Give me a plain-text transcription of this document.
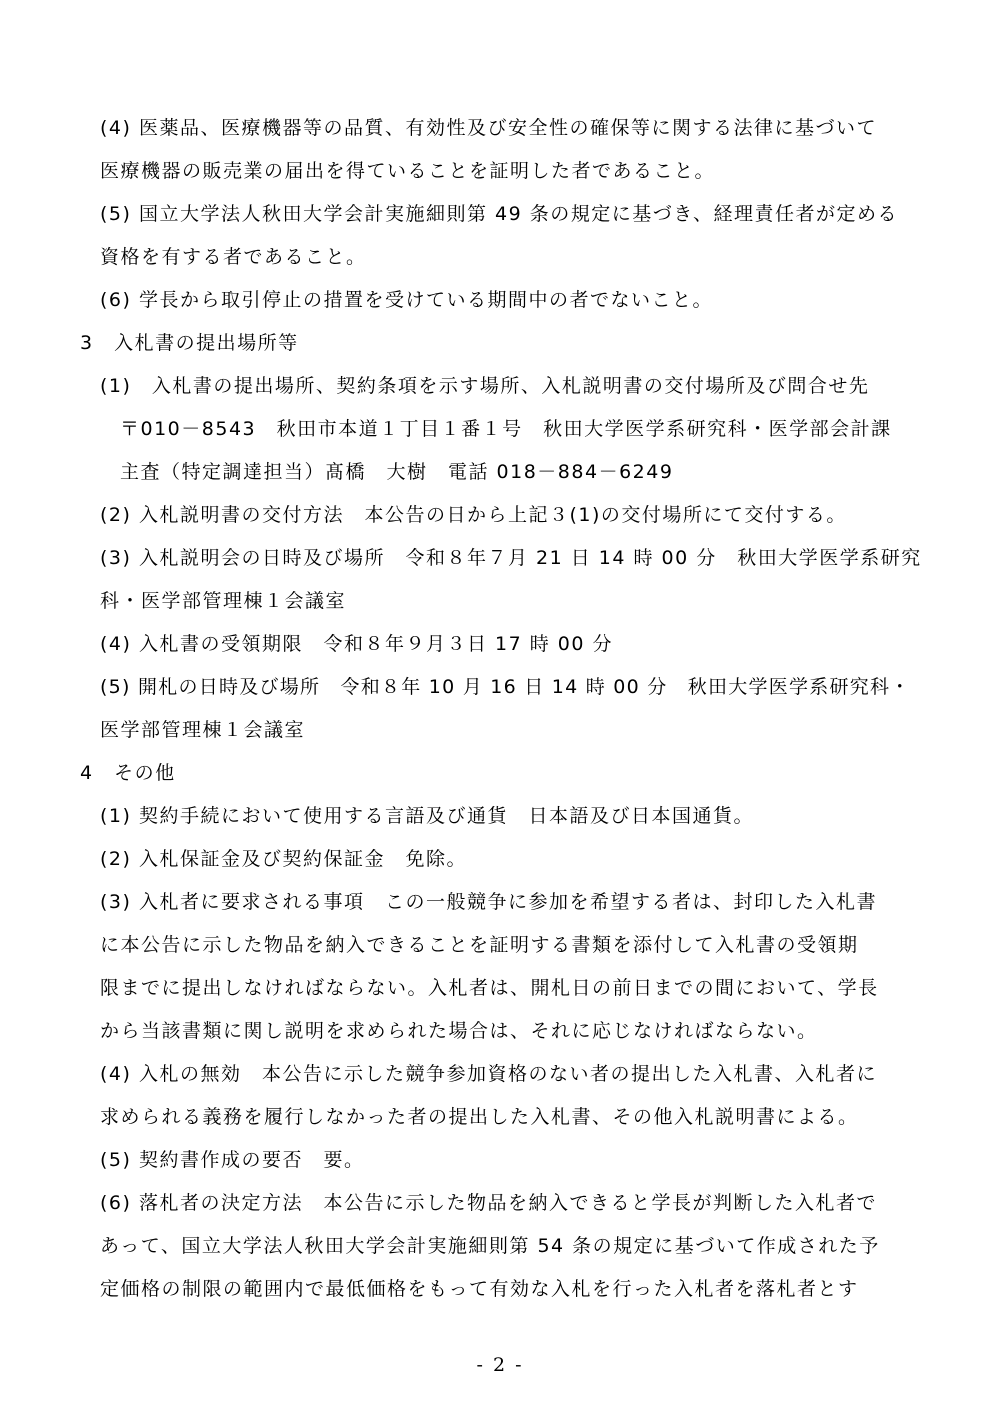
(4) 医薬品、医療機器等の品質、有効性及び安全性の確保等に関する法律に基づいて
医療機器の販売業の届出を得ていることを証明した者であること。
(5) 国立大学法人秋田大学会計実施細則第 49 条の規定に基づき、経理責任者が定める
資格を有する者であること。
(6) 学長から取引停止の措置を受けている期間中の者でないこと。
3　入札書の提出場所等
(1)　入札書の提出場所、契約条項を示す場所、入札説明書の交付場所及び問合せ先
〒010－8543　秋田市本道１丁目１番１号　秋田大学医学系研究科・医学部会計課
主査（特定調達担当）髙橋　大樹　電話 018－884－6249
(2) 入札説明書の交付方法　本公告の日から上記３(1)の交付場所にて交付する。
(3) 入札説明会の日時及び場所　令和８年７月 21 日 14 時 00 分　秋田大学医学系研究
科・医学部管理棟１会議室
(4) 入札書の受領期限　令和８年９月３日 17 時 00 分
(5) 開札の日時及び場所　令和８年 10 月 16 日 14 時 00 分　秋田大学医学系研究科・
医学部管理棟１会議室
4　その他
(1) 契約手続において使用する言語及び通貨　日本語及び日本国通貨。
(2) 入札保証金及び契約保証金　免除。
(3) 入札者に要求される事項　この一般競争に参加を希望する者は、封印した入札書
に本公告に示した物品を納入できることを証明する書類を添付して入札書の受領期
限までに提出しなければならない。入札者は、開札日の前日までの間において、学長
から当該書類に関し説明を求められた場合は、それに応じなければならない。
(4) 入札の無効　本公告に示した競争参加資格のない者の提出した入札書、入札者に
求められる義務を履行しなかった者の提出した入札書、その他入札説明書による。
(5) 契約書作成の要否　要。
(6) 落札者の決定方法　本公告に示した物品を納入できると学長が判断した入札者で
あって、国立大学法人秋田大学会計実施細則第 54 条の規定に基づいて作成された予
定価格の制限の範囲内で最低価格をもって有効な入札を行った入札者を落札者とす
- 2 -
